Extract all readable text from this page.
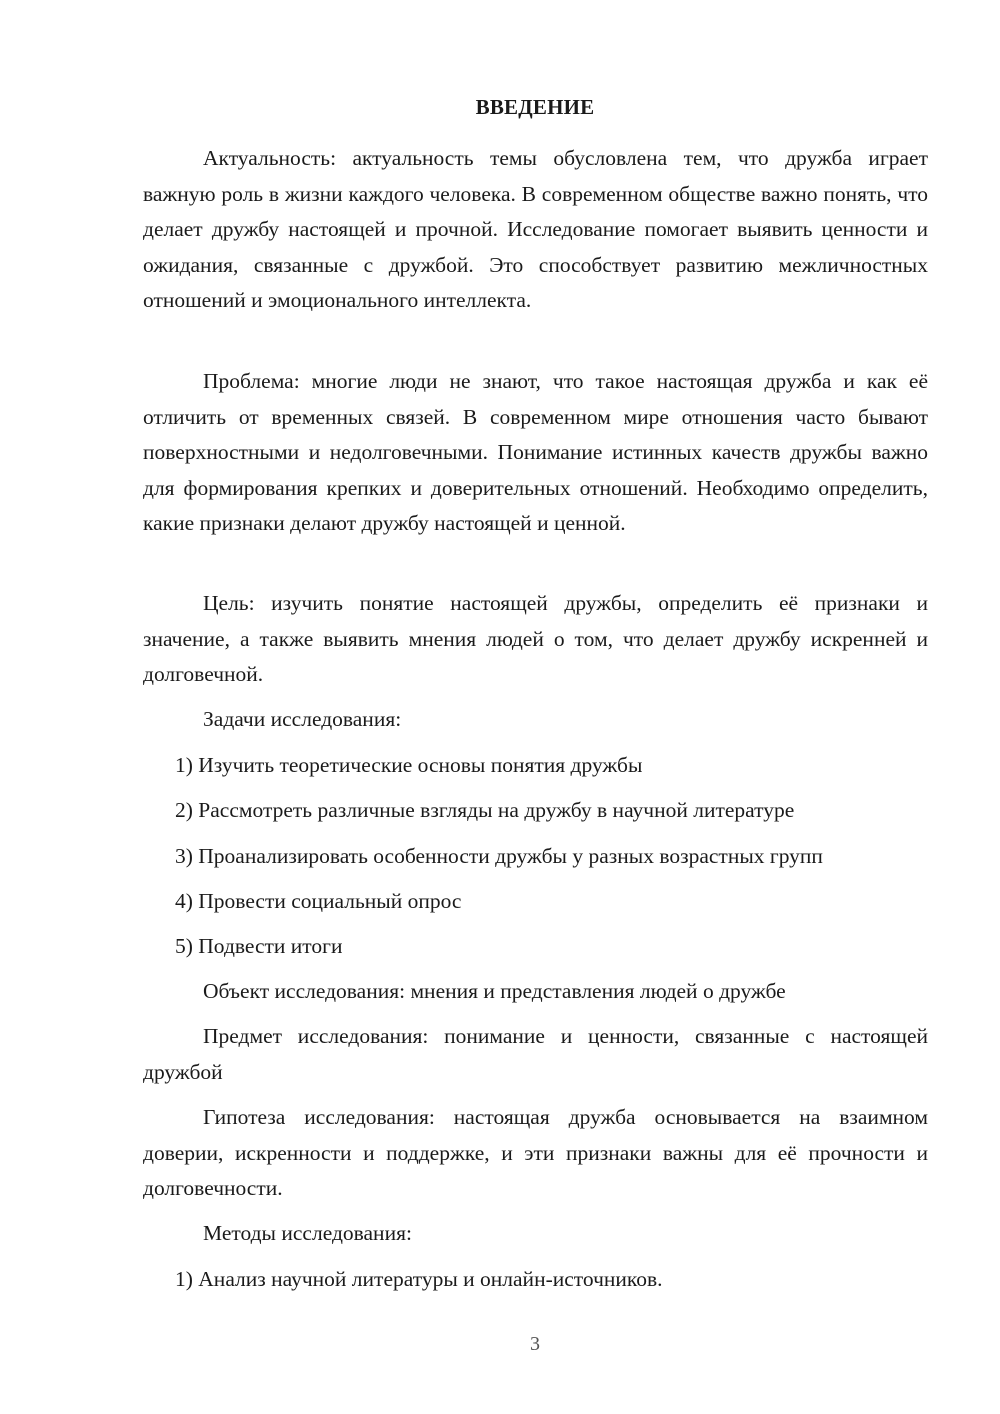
ВВЕДЕНИЕ

Актуальность: актуальность темы обусловлена тем, что дружба играет важную роль в жизни каждого человека. В современном обществе важно понять, что делает дружбу настоящей и прочной. Исследование помогает выявить ценности и ожидания, связанные с дружбой. Это способствует развитию межличностных отношений и эмоционального интеллекта.

Проблема: многие люди не знают, что такое настоящая дружба и как её отличить от временных связей. В современном мире отношения часто бывают поверхностными и недолговечными. Понимание истинных качеств дружбы важно для формирования крепких и доверительных отношений. Необходимо определить, какие признаки делают дружбу настоящей и ценной.

Цель: изучить понятие настоящей дружбы, определить её признаки и значение, а также выявить мнения людей о том, что делает дружбу искренней и долговечной.

Задачи исследования:
1) Изучить теоретические основы понятия дружбы
2) Рассмотреть различные взгляды на дружбу в научной литературе
3) Проанализировать особенности дружбы у разных возрастных групп
4) Провести социальный опрос
5) Подвести итоги
Объект исследования: мнения и представления людей о дружбе

Предмет исследования: понимание и ценности, связанные с настоящей дружбой

Гипотеза исследования: настоящая дружба основывается на взаимном доверии, искренности и поддержке, и эти признаки важны для её прочности и долговечности.

Методы исследования:
1) Анализ научной литературы и онлайн-источников.
3
